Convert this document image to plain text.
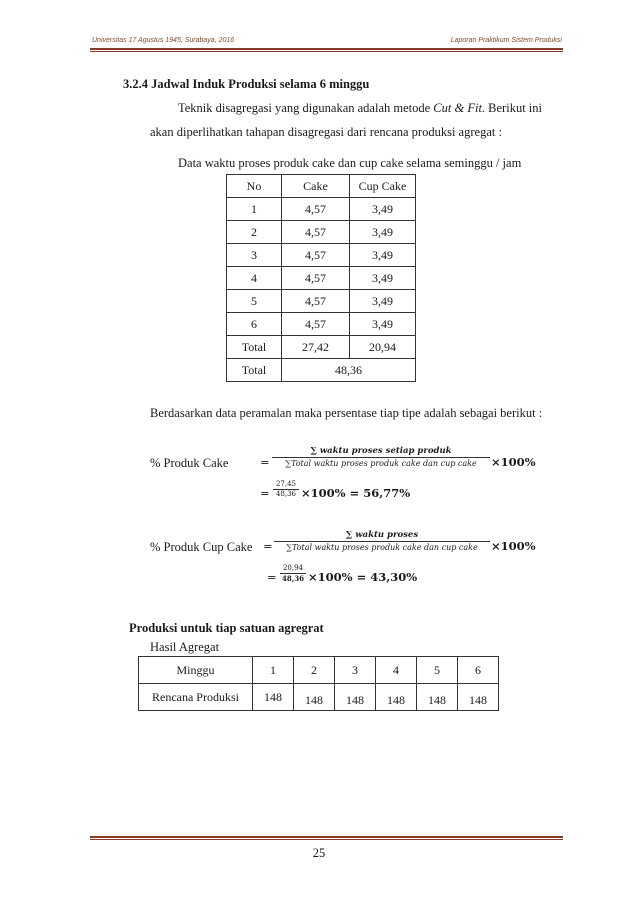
Universitas 17 Agustus 1945, Surabaya, 2016	Laporan Praktikum Sistem Produksi
3.2.4 Jadwal Induk Produksi selama 6 minggu
Teknik disagregasi yang digunakan adalah metode Cut & Fit. Berikut ini
akan diperlihatkan tahapan disagregasi dari rencana produksi agregat :
Data waktu proses produk cake dan cup cake selama seminggu / jam
No	Cake	Cup Cake
1	4,57	3,49
2	4,57	3,49
3	4,57	3,49
4	4,57	3,49
5	4,57	3,49
6	4,57	3,49
Total	27,42	20,94
Total	48,36	
Berdasarkan data peramalan maka persentase tiap tipe adalah sebagai berikut :
% Produk Cake	=
∑ waktu proses setiap produk
∑Total waktu proses produk cake dan cup cake	×100%
=
27,45
48,36 ×100% = 56,77%
% Produk Cup Cake =
∑ waktu proses
∑Total waktu proses produk cake dan cup cake	×100%
=
20,94
48,36 ×100% = 43,30%
Produksi untuk tiap satuan agregrat
Hasil Agregat
Minggu	1	2	3	4	5	6
Rencana Produksi	148	148	148	148	148	148
25
